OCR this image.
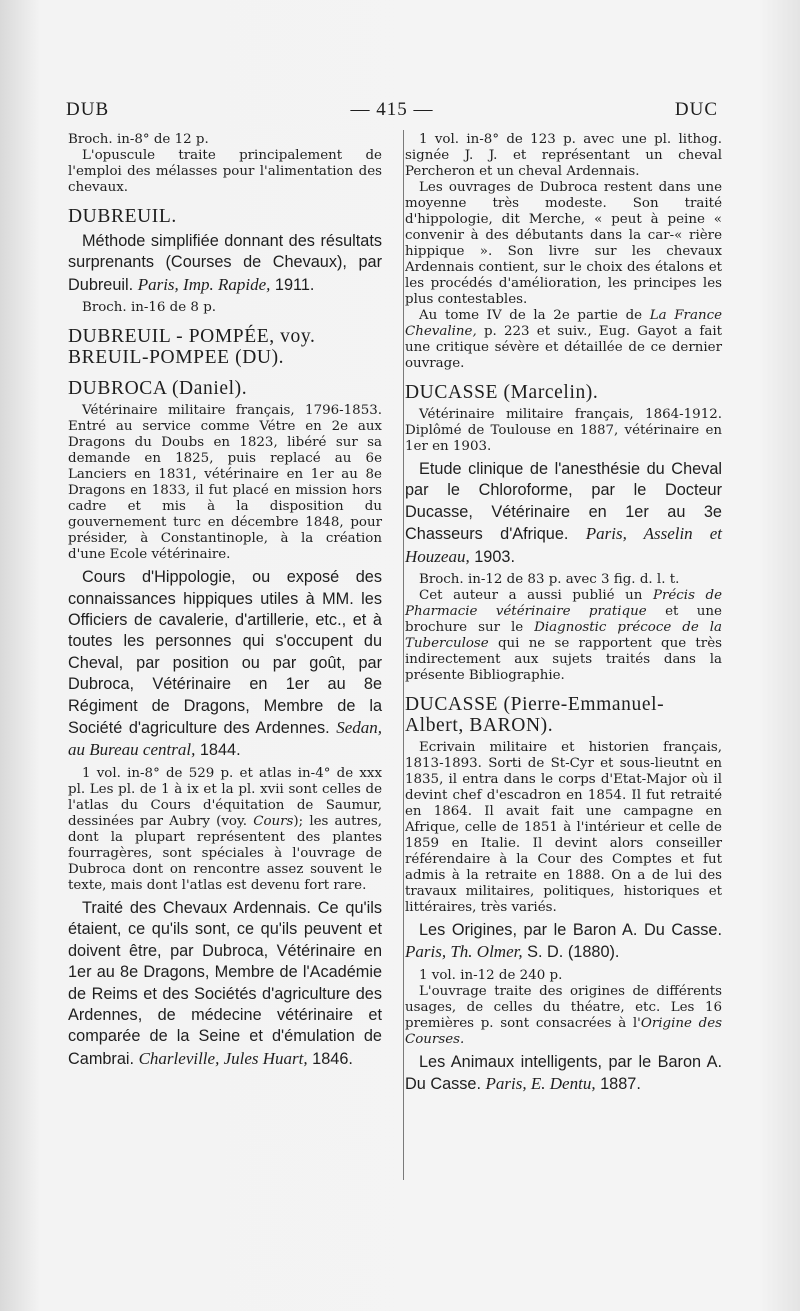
DUB	— 415 —	DUC

Broch. in-8° de 12 p.

L'opuscule traite principalement de l'emploi des mélasses pour l'alimentation des chevaux.

DUBREUIL.

Méthode simplifiée donnant des résultats surprenants (Courses de Chevaux), par Dubreuil. Paris, Imp. Rapide, 1911.

Broch. in-16 de 8 p.

DUBREUIL - POMPÉE, voy. BREUIL-POMPEE (DU).
DUBROCA (Daniel).

Vétérinaire militaire français, 1796-1853. Entré au service comme Vétre en 2e aux Dragons du Doubs en 1823, libéré sur sa demande en 1825, puis replacé au 6e Lanciers en 1831, vétérinaire en 1er au 8e Dragons en 1833, il fut placé en mission hors cadre et mis à la disposition du gouvernement turc en décembre 1848, pour présider, à Constantinople, à la création d'une Ecole vétérinaire.

Cours d'Hippologie, ou exposé des connaissances hippiques utiles à MM. les Officiers de cavalerie, d'artillerie, etc., et à toutes les personnes qui s'occupent du Cheval, par position ou par goût, par Dubroca, Vétérinaire en 1er au 8e Régiment de Dragons, Membre de la Société d'agriculture des Ardennes. Sedan, au Bureau central, 1844.

1 vol. in-8° de 529 p. et atlas in-4° de xxx pl. Les pl. de 1 à ix et la pl. xvii sont celles de l'atlas du Cours d'équitation de Saumur, dessinées par Aubry (voy. Cours); les autres, dont la plupart représentent des plantes fourragères, sont spéciales à l'ouvrage de Dubroca dont on rencontre assez souvent le texte, mais dont l'atlas est devenu fort rare.

Traité des Chevaux Ardennais. Ce qu'ils étaient, ce qu'ils sont, ce qu'ils peuvent et doivent être, par Dubroca, Vétérinaire en 1er au 8e Dragons, Membre de l'Académie de Reims et des Sociétés d'agriculture des Ardennes, de médecine vétérinaire et comparée de la Seine et d'émulation de Cambrai. Charleville, Jules Huart, 1846.

1 vol. in-8° de 123 p. avec une pl. lithog. signée J. J. et représentant un cheval Percheron et un cheval Ardennais.

Les ouvrages de Dubroca restent dans une moyenne très modeste. Son traité d'hippologie, dit Merche, « peut à peine « convenir à des débutants dans la car-« rière hippique ». Son livre sur les chevaux Ardennais contient, sur le choix des étalons et les procédés d'amélioration, les principes les plus contestables.

Au tome IV de la 2e partie de La France Chevaline, p. 223 et suiv., Eug. Gayot a fait une critique sévère et détaillée de ce dernier ouvrage.

DUCASSE (Marcelin).

Vétérinaire militaire français, 1864-1912. Diplômé de Toulouse en 1887, vétérinaire en 1er en 1903.

Etude clinique de l'anesthésie du Cheval par le Chloroforme, par le Docteur Ducasse, Vétérinaire en 1er au 3e Chasseurs d'Afrique. Paris, Asselin et Houzeau, 1903.

Broch. in-12 de 83 p. avec 3 fig. d. l. t.

Cet auteur a aussi publié un Précis de Pharmacie vétérinaire pratique et une brochure sur le Diagnostic précoce de la Tuberculose qui ne se rapportent que très indirectement aux sujets traités dans la présente Bibliographie.

DUCASSE (Pierre-Emmanuel-Albert, BARON).

Ecrivain militaire et historien français, 1813-1893. Sorti de St-Cyr et sous-lieutnt en 1835, il entra dans le corps d'Etat-Major où il devint chef d'escadron en 1854. Il fut retraité en 1864. Il avait fait une campagne en Afrique, celle de 1851 à l'intérieur et celle de 1859 en Italie. Il devint alors conseiller référendaire à la Cour des Comptes et fut admis à la retraite en 1888. On a de lui des travaux militaires, politiques, historiques et littéraires, très variés.

Les Origines, par le Baron A. Du Casse. Paris, Th. Olmer, S. D. (1880).

1 vol. in-12 de 240 p.

L'ouvrage traite des origines de différents usages, de celles du théatre, etc. Les 16 premières p. sont consacrées à l'Origine des Courses.

Les Animaux intelligents, par le Baron A. Du Casse. Paris, E. Dentu, 1887.
